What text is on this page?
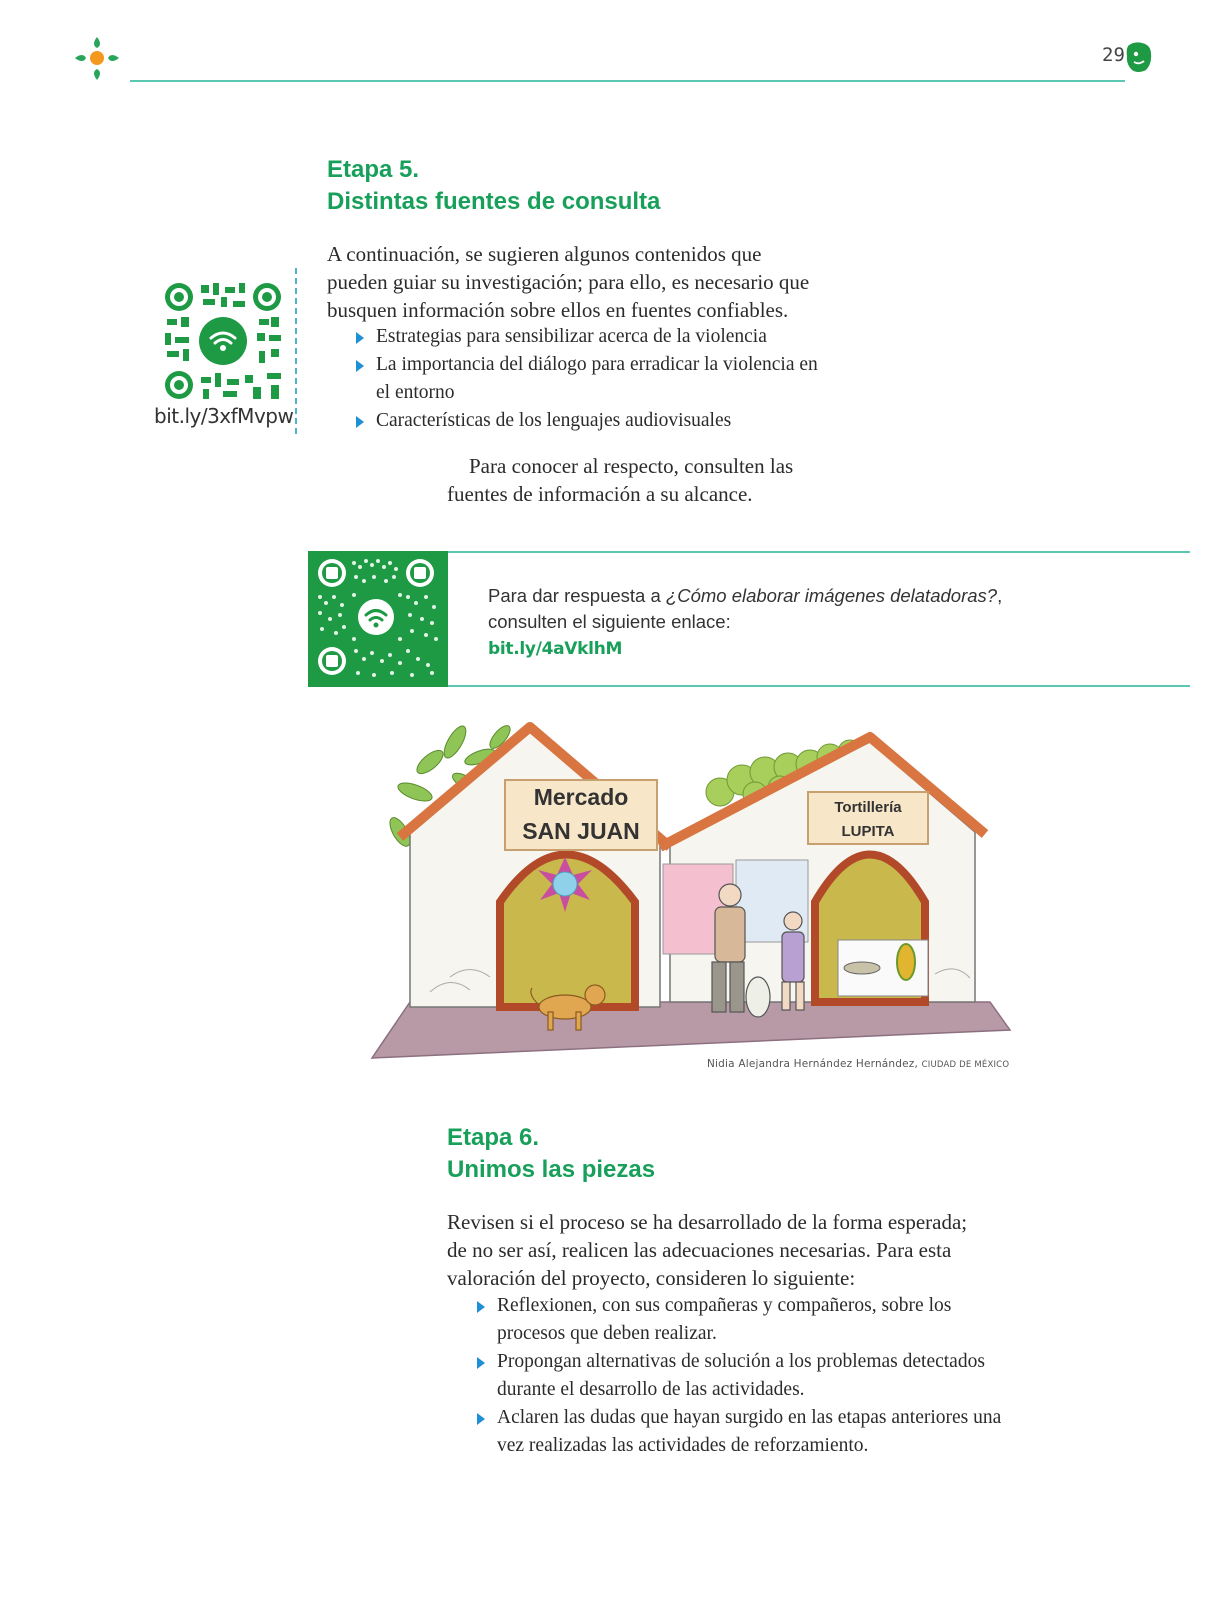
29
Etapa 5.
Distintas fuentes de consulta

A continuación, se sugieren algunos contenidos que

pueden guiar su investigación; para ello, es necesario que

busquen información sobre ellos en fuentes confiables.

Estrategias para sensibilizar acerca de la violencia
La importancia del diálogo para erradicar la violencia en
el entorno
Características de los lenguajes audiovisuales

Para conocer al respecto, consulten las

fuentes de información a su alcance.

bit.ly/3xfMvpw
Para dar respuesta a ¿Cómo elaborar imágenes delatadoras?,
consulten el siguiente enlace:
bit.ly/4aVklhM
Mercado
SAN JUAN
Tortillería
LUPITA
Nidia Alejandra Hernández Hernández, CIUDAD DE MÉXICO
Etapa 6.
Unimos las piezas

Revisen si el proceso se ha desarrollado de la forma esperada;

de no ser así, realicen las adecuaciones necesarias. Para esta

valoración del proyecto, consideren lo siguiente:

Reflexionen, con sus compañeras y compañeros, sobre los
procesos que deben realizar.
Propongan alternativas de solución a los problemas detectados
durante el desarrollo de las actividades.
Aclaren las dudas que hayan surgido en las etapas anteriores una
vez realizadas las actividades de reforzamiento.
